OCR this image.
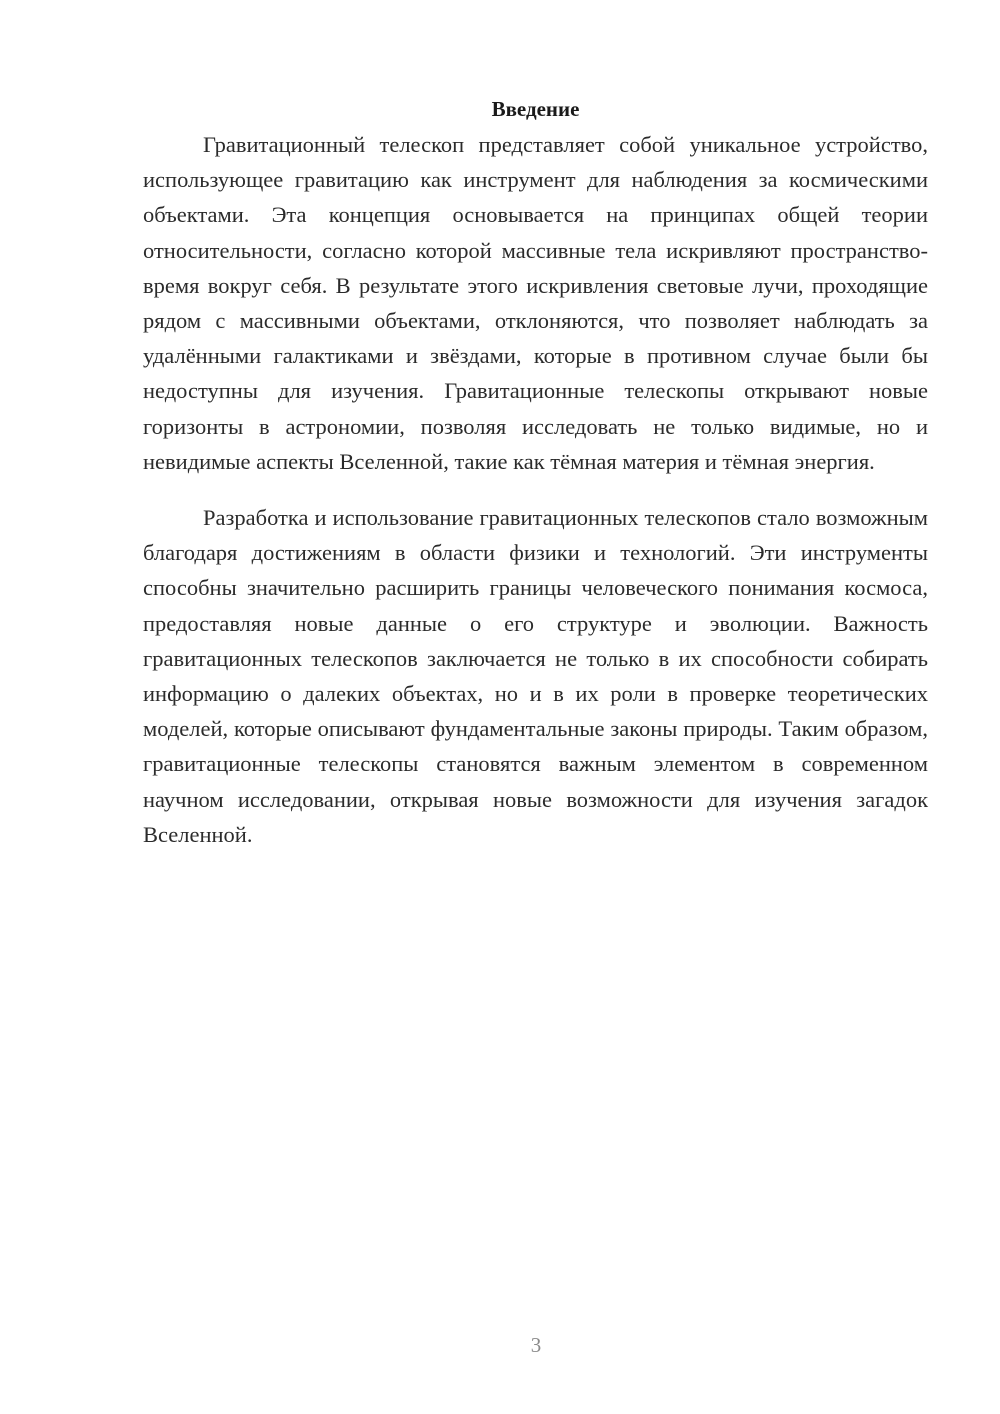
Введение

Гравитационный телескоп представляет собой уникальное устройство, использующее гравитацию как инструмент для наблюдения за космическими объектами. Эта концепция основывается на принципах общей теории относительности, согласно которой массивные тела искривляют пространство-время вокруг себя. В результате этого искривления световые лучи, проходящие рядом с массивными объектами, отклоняются, что позволяет наблюдать за удалёнными галактиками и звёздами, которые в противном случае были бы недоступны для изучения. Гравитационные телескопы открывают новые горизонты в астрономии, позволяя исследовать не только видимые, но и невидимые аспекты Вселенной, такие как тёмная материя и тёмная энергия.

Разработка и использование гравитационных телескопов стало возможным благодаря достижениям в области физики и технологий. Эти инструменты способны значительно расширить границы человеческого понимания космоса, предоставляя новые данные о его структуре и эволюции. Важность гравитационных телескопов заключается не только в их способности собирать информацию о далеких объектах, но и в их роли в проверке теоретических моделей, которые описывают фундаментальные законы природы. Таким образом, гравитационные телескопы становятся важным элементом в современном научном исследовании, открывая новые возможности для изучения загадок Вселенной.

3
